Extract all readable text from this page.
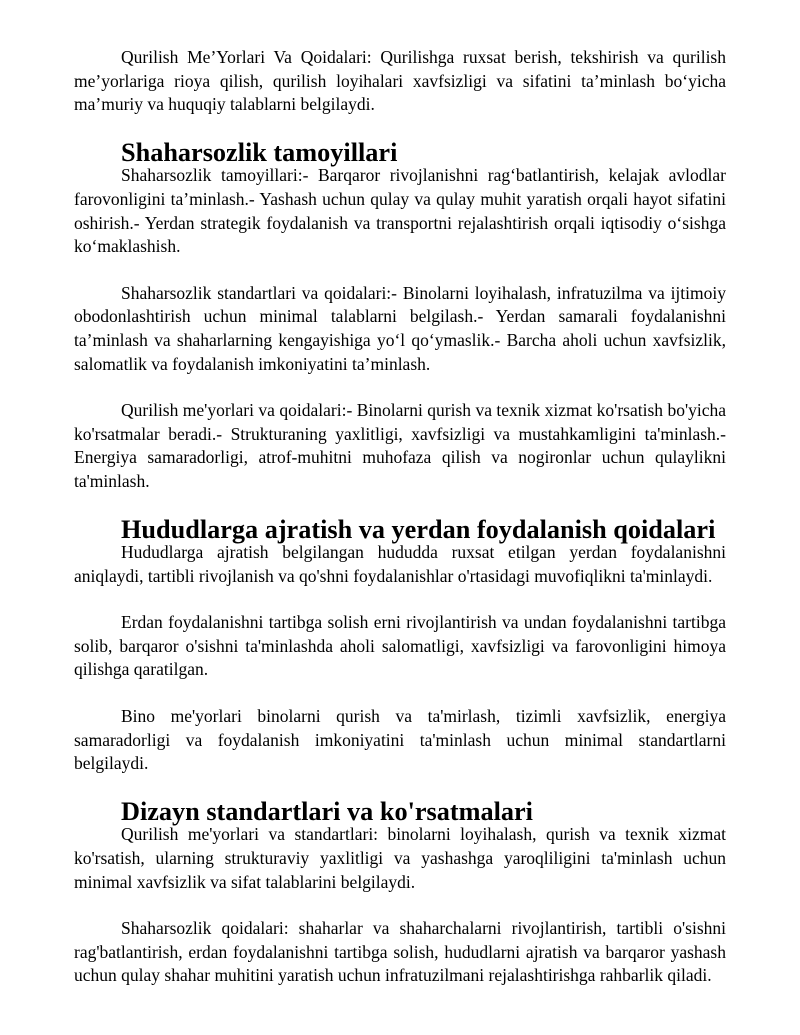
Qurilish Me’Yorlari Va Qoidalari: Qurilishga ruxsat berish, tekshirish va qurilish me’yorlariga rioya qilish, qurilish loyihalari xavfsizligi va sifatini ta’minlash bo‘yicha ma’muriy va huquqiy talablarni belgilaydi.

Shaharsozlik tamoyillari

Shaharsozlik tamoyillari:- Barqaror rivojlanishni rag‘batlantirish, kelajak avlodlar farovonligini ta’minlash.- Yashash uchun qulay va qulay muhit yaratish orqali hayot sifatini oshirish.- Yerdan strategik foydalanish va transportni rejalashtirish orqali iqtisodiy o‘sishga ko‘maklashish.

Shaharsozlik standartlari va qoidalari:- Binolarni loyihalash, infratuzilma va ijtimoiy obodonlashtirish uchun minimal talablarni belgilash.- Yerdan samarali foydalanishni ta’minlash va shaharlarning kengayishiga yo‘l qo‘ymaslik.- Barcha aholi uchun xavfsizlik, salomatlik va foydalanish imkoniyatini ta’minlash.

Qurilish me'yorlari va qoidalari:- Binolarni qurish va texnik xizmat ko'rsatish bo'yicha ko'rsatmalar beradi.- Strukturaning yaxlitligi, xavfsizligi va mustahkamligini ta'minlash.- Energiya samaradorligi, atrof-muhitni muhofaza qilish va nogironlar uchun qulaylikni ta'minlash.

Hududlarga ajratish va yerdan foydalanish qoidalari

Hududlarga ajratish belgilangan hududda ruxsat etilgan yerdan foydalanishni aniqlaydi, tartibli rivojlanish va qo'shni foydalanishlar o'rtasidagi muvofiqlikni ta'minlaydi.

Erdan foydalanishni tartibga solish erni rivojlantirish va undan foydalanishni tartibga solib, barqaror o'sishni ta'minlashda aholi salomatligi, xavfsizligi va farovonligini himoya qilishga qaratilgan.

Bino me'yorlari binolarni qurish va ta'mirlash, tizimli xavfsizlik, energiya samaradorligi va foydalanish imkoniyatini ta'minlash uchun minimal standartlarni belgilaydi.

Dizayn standartlari va ko'rsatmalari

Qurilish me'yorlari va standartlari: binolarni loyihalash, qurish va texnik xizmat ko'rsatish, ularning strukturaviy yaxlitligi va yashashga yaroqliligini ta'minlash uchun minimal xavfsizlik va sifat talablarini belgilaydi.

Shaharsozlik qoidalari: shaharlar va shaharchalarni rivojlantirish, tartibli o'sishni rag'batlantirish, erdan foydalanishni tartibga solish, hududlarni ajratish va barqaror yashash uchun qulay shahar muhitini yaratish uchun infratuzilmani rejalashtirishga rahbarlik qiladi.
